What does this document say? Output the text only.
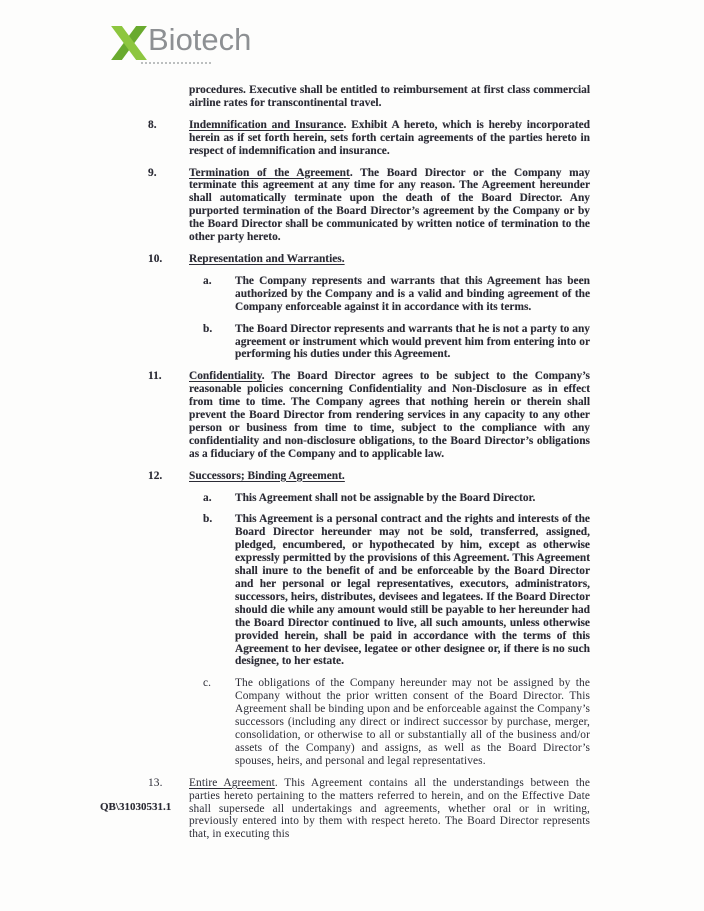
Biotech

procedures. Executive shall be entitled to reimbursement at first class commercial airline rates for transcontinental travel.

8.	Indemnification and Insurance. Exhibit A hereto, which is hereby incorporated herein as if set forth herein, sets forth certain agreements of the parties hereto in respect of indemnification and insurance.

9.	Termination of the Agreement. The Board Director or the Company may terminate this agreement at any time for any reason. The Agreement hereunder shall automatically terminate upon the death of the Board Director. Any purported termination of the Board Director’s agreement by the Company or by the Board Director shall be communicated by written notice of termination to the other party hereto.

10.	Representation and Warranties.

a.	The Company represents and warrants that this Agreement has been authorized by the Company and is a valid and binding agreement of the Company enforceable against it in accordance with its terms.
b.	The Board Director represents and warrants that he is not a party to any agreement or instrument which would prevent him from entering into or performing his duties under this Agreement.
11.	Confidentiality. The Board Director agrees to be subject to the Company’s reasonable policies concerning Confidentiality and Non-Disclosure as in effect from time to time. The Company agrees that nothing herein or therein shall prevent the Board Director from rendering services in any capacity to any other person or business from time to time, subject to the compliance with any confidentiality and non-disclosure obligations, to the Board Director’s obligations as a fiduciary of the Company and to applicable law.

12.	Successors; Binding Agreement.

a.	This Agreement shall not be assignable by the Board Director.
b.	This Agreement is a personal contract and the rights and interests of the Board Director hereunder may not be sold, transferred, assigned, pledged, encumbered, or hypothecated by him, except as otherwise expressly permitted by the provisions of this Agreement. This Agreement shall inure to the benefit of and be enforceable by the Board Director and her personal or legal representatives, executors, administrators, successors, heirs, distributes, devisees and legatees. If the Board Director should die while any amount would still be payable to her hereunder had the Board Director continued to live, all such amounts, unless otherwise provided herein, shall be paid in accordance with the terms of this Agreement to her devisee, legatee or other designee or, if there is no such designee, to her estate.
c.	The obligations of the Company hereunder may not be assigned by the Company without the prior written consent of the Board Director. This Agreement shall be binding upon and be enforceable against the Company’s successors (including any direct or indirect successor by purchase, merger, consolidation, or otherwise to all or substantially all of the business and/or assets of the Company) and assigns, as well as the Board Director’s spouses, heirs, and personal and legal representatives.
13.	Entire Agreement. This Agreement contains all the understandings between the parties hereto pertaining to the matters referred to herein, and on the Effective Date shall supersede all undertakings and agreements, whether oral or in writing, previously entered into by them with respect hereto. The Board Director represents that, in executing this

QB\31030531.1
